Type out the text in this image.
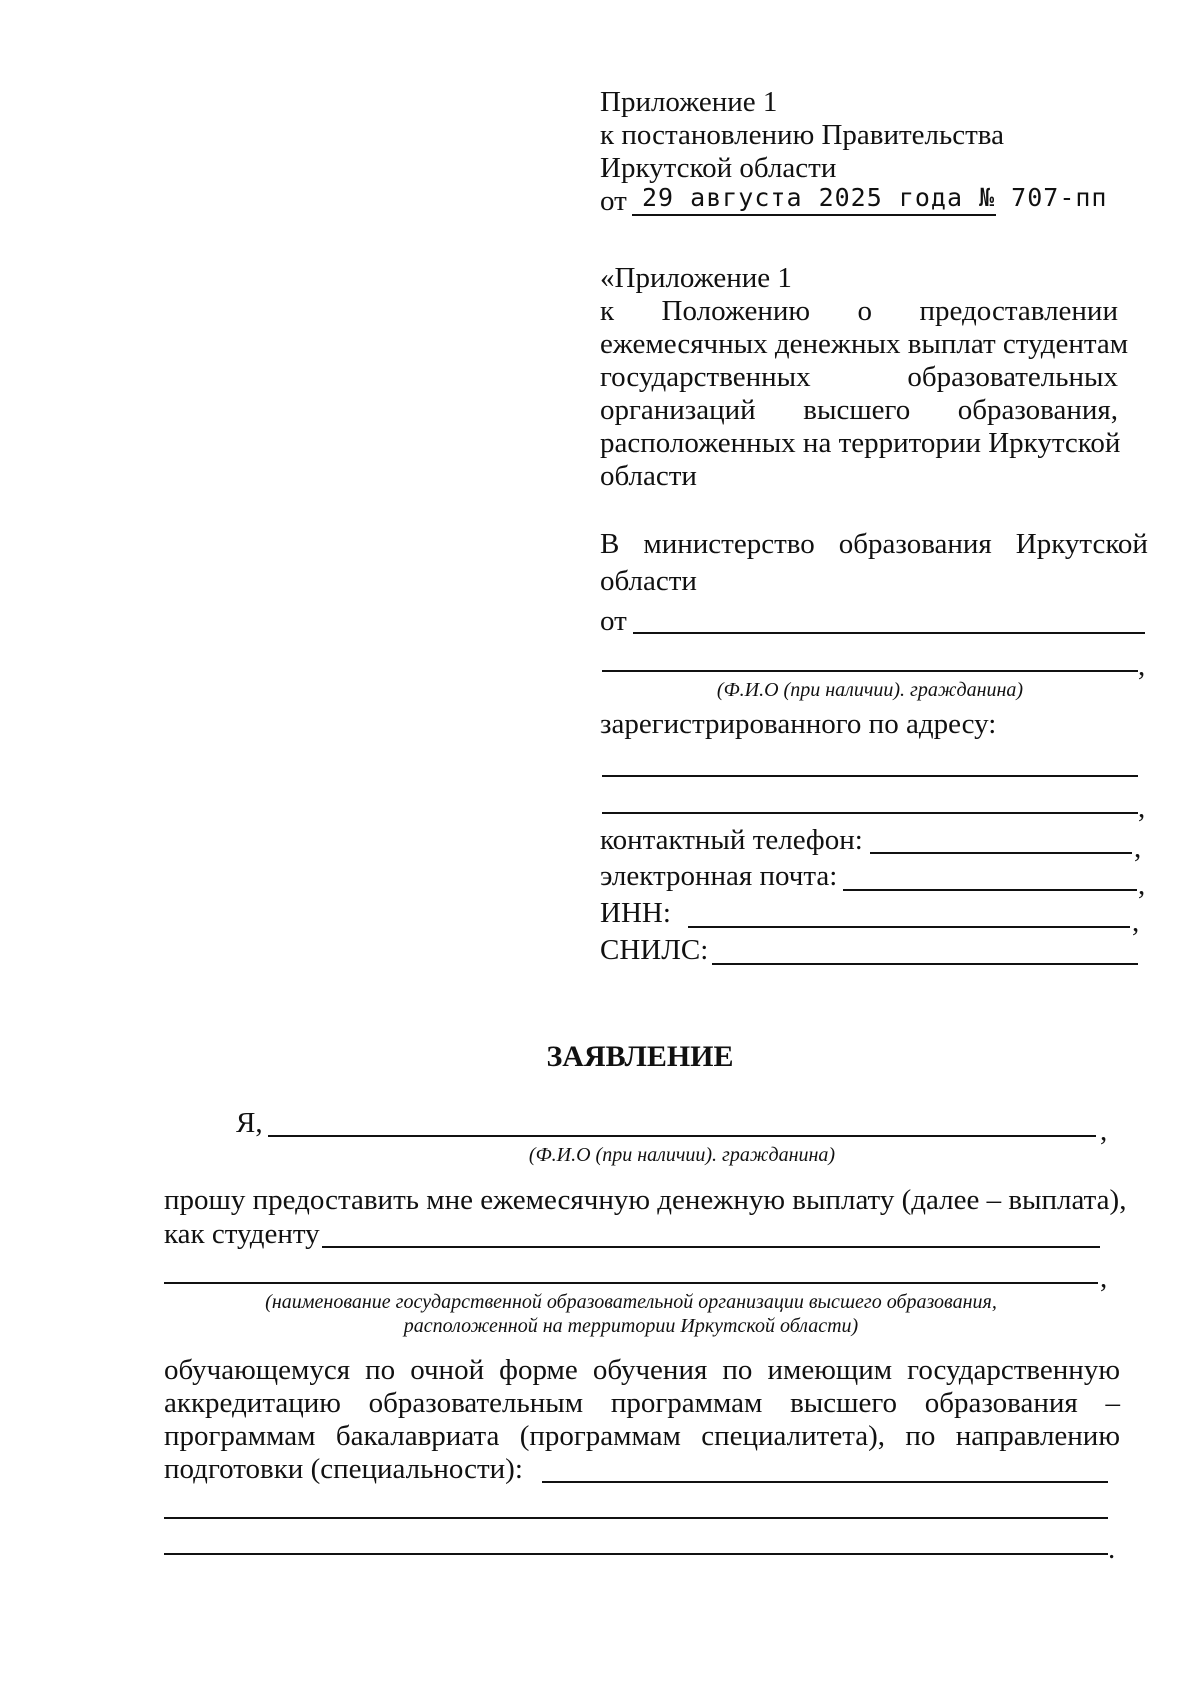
Приложение 1
к постановлению Правительства
Иркутской области
от 29 августа 2025 года № 707-пп
«Приложение 1
к Положению о предоставлении
ежемесячных денежных выплат студентам
государственных	образовательных
организаций высшего образования,
расположенных на территории Иркутской
области
В министерство образования Иркутской
области
от
,
(Ф.И.О (при наличии). гражданина)
зарегистрированного по адресу:
,
контактный телефон:	,
электронная почта:	,
ИНН:	,
СНИЛС:
ЗАЯВЛЕНИЕ
Я,	,
(Ф.И.О (при наличии). гражданина)
прошу предоставить мне ежемесячную денежную выплату (далее – выплата),
как студенту
,
(наименование государственной образовательной организации высшего образования,
расположенной на территории Иркутской области)
обучающемуся по очной форме обучения по имеющим государственную
аккредитацию образовательным программам высшего образования –
программам бакалавриата (программам специалитета), по направлению
подготовки (специальности):
.
